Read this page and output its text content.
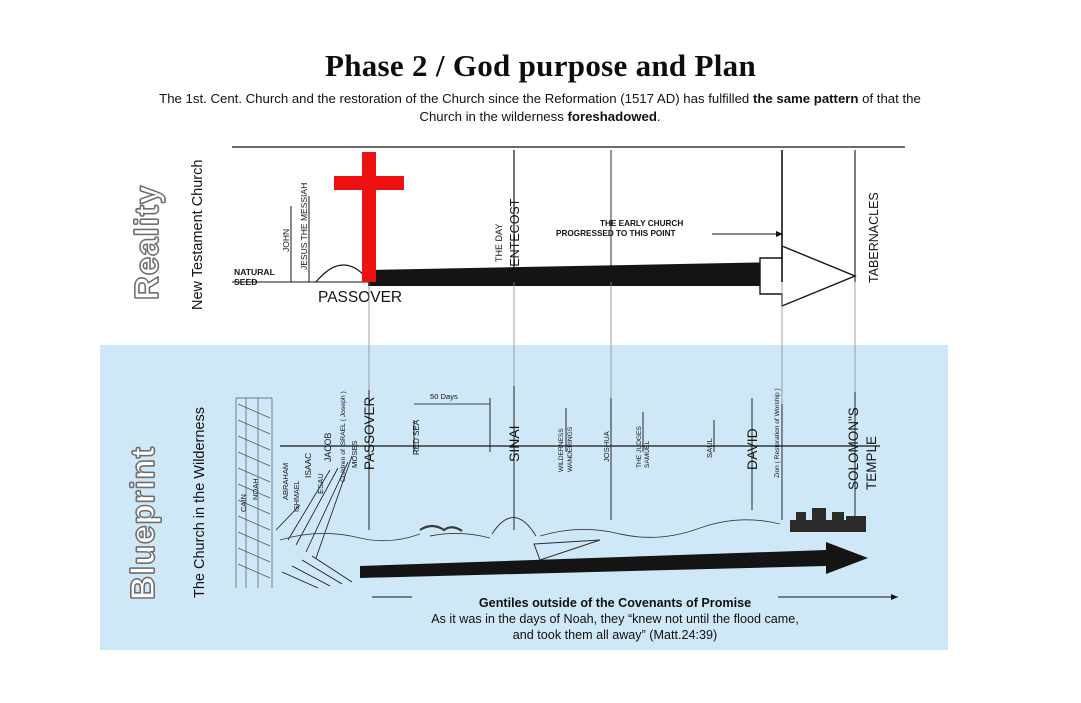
Phase 2 / God purpose and Plan
The 1st. Cent. Church and the restoration of the Church since the Reformation (1517 AD) has fulfilled the same pattern of that the Church in the wilderness foreshadowed.
Reality New Testament Church
Blueprint The Church in the Wilderness
JOHN JESUS THE MESSIAH	THE DAY PENTECOST	TABERNACLES
NATURAL
SEED
PASSOVER
THE EARLY CHURCH
PROGRESSED TO THIS POINT
50 Days
CAIN
NOAH	ABRAHAM ISHMAEL
ISAAC
ESAU
JACOB Children of ISRAEL ( Joseph ) MOSES PASSOVER	RED SEA	SINAI	WILDERNESS WANDERINGS	JOSHUA	THE JUDGES SAMUEL	SAUL DAVID Zion ( Restoration of Worship )	SOLOMON"S TEMPLE
Gentiles outside of the Covenants of Promise
As it was in the days of Noah, they “knew not until the flood came,
and took them all away” (Matt.24:39)
